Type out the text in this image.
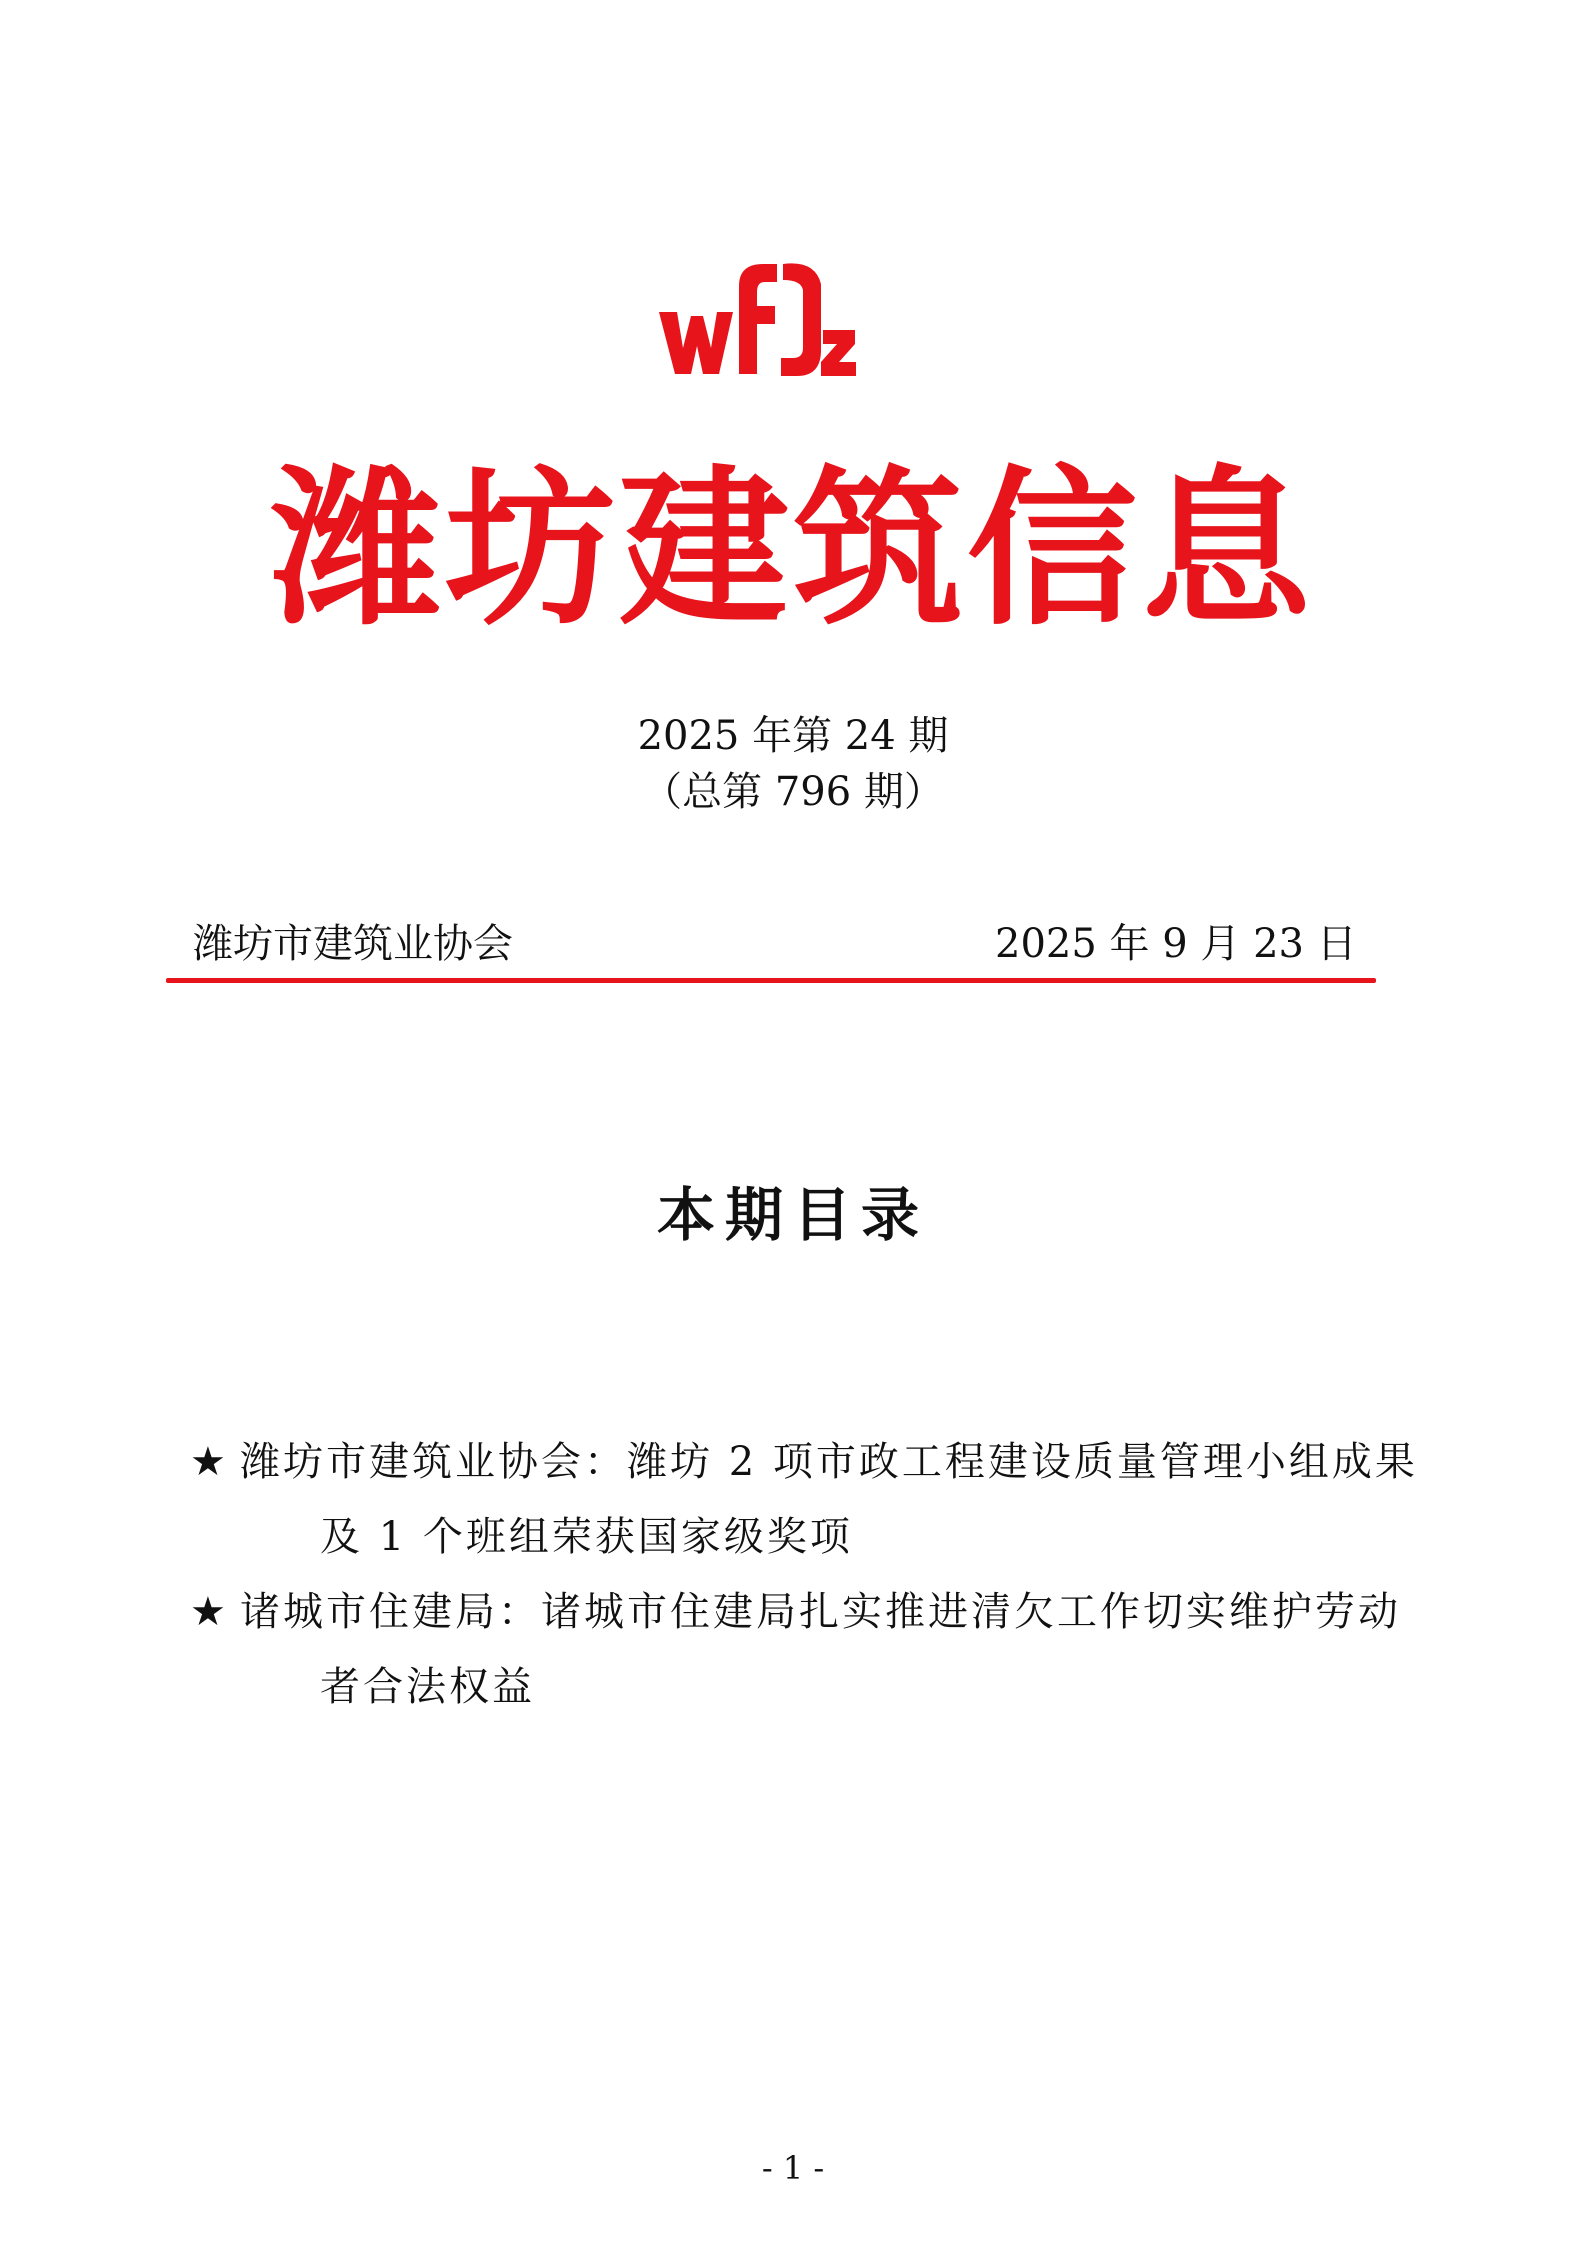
潍坊建筑信息
2025 年第 24 期
（总第 796 期）
潍坊市建筑业协会	2025 年 9 月 23 日
本期目录
★ 潍坊市建筑业协会：潍坊 2 项市政工程建设质量管理小组成果
及 1 个班组荣获国家级奖项
★ 诸城市住建局：诸城市住建局扎实推进清欠工作切实维护劳动
者合法权益
- 1 -
